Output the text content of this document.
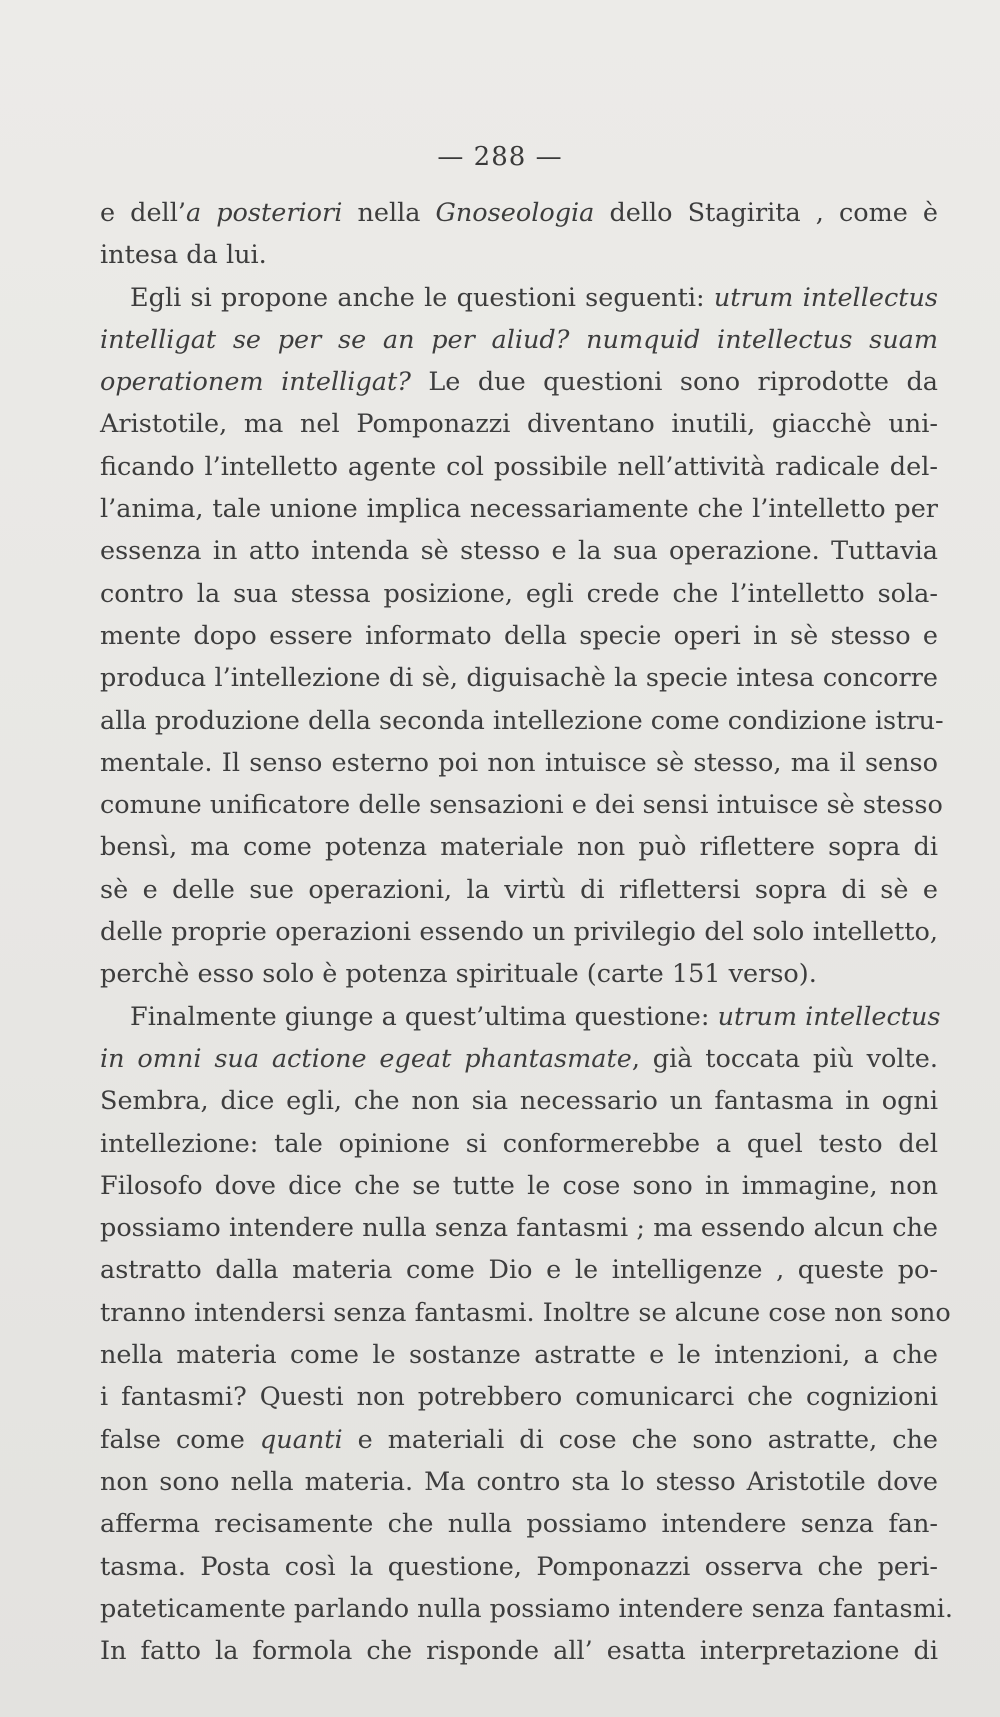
— 288 —
e dell’a posteriori nella Gnoseologia dello Stagirita , come è
intesa da lui.
Egli si propone anche le questioni seguenti: utrum intellectus
intelligat se per se an per aliud? numquid intellectus suam
operationem intelligat? Le due questioni sono riprodotte da
Aristotile, ma nel Pomponazzi diventano inutili, giacchè uni-
ficando l’intelletto agente col possibile nell’attività radicale del-
l’anima, tale unione implica necessariamente che l’intelletto per
essenza in atto intenda sè stesso e la sua operazione. Tuttavia
contro la sua stessa posizione, egli crede che l’intelletto sola-
mente dopo essere informato della specie operi in sè stesso e
produca l’intellezione di sè, diguisachè la specie intesa concorre
alla produzione della seconda intellezione come condizione istru-
mentale. Il senso esterno poi non intuisce sè stesso, ma il senso
comune unificatore delle sensazioni e dei sensi intuisce sè stesso
bensì, ma come potenza materiale non può riflettere sopra di
sè e delle sue operazioni, la virtù di riflettersi sopra di sè e
delle proprie operazioni essendo un privilegio del solo intelletto,
perchè esso solo è potenza spirituale (carte 151 verso).
Finalmente giunge a quest’ultima questione: utrum intellectus
in omni sua actione egeat phantasmate, già toccata più volte.
Sembra, dice egli, che non sia necessario un fantasma in ogni
intellezione: tale opinione si conformerebbe a quel testo del
Filosofo dove dice che se tutte le cose sono in immagine, non
possiamo intendere nulla senza fantasmi ; ma essendo alcun che
astratto dalla materia come Dio e le intelligenze , queste po-
tranno intendersi senza fantasmi. Inoltre se alcune cose non sono
nella materia come le sostanze astratte e le intenzioni, a che
i fantasmi? Questi non potrebbero comunicarci che cognizioni
false come quanti e materiali di cose che sono astratte, che
non sono nella materia. Ma contro sta lo stesso Aristotile dove
afferma recisamente che nulla possiamo intendere senza fan-
tasma. Posta così la questione, Pomponazzi osserva che peri-
pateticamente parlando nulla possiamo intendere senza fantasmi.
In fatto la formola che risponde all’ esatta interpretazione di
